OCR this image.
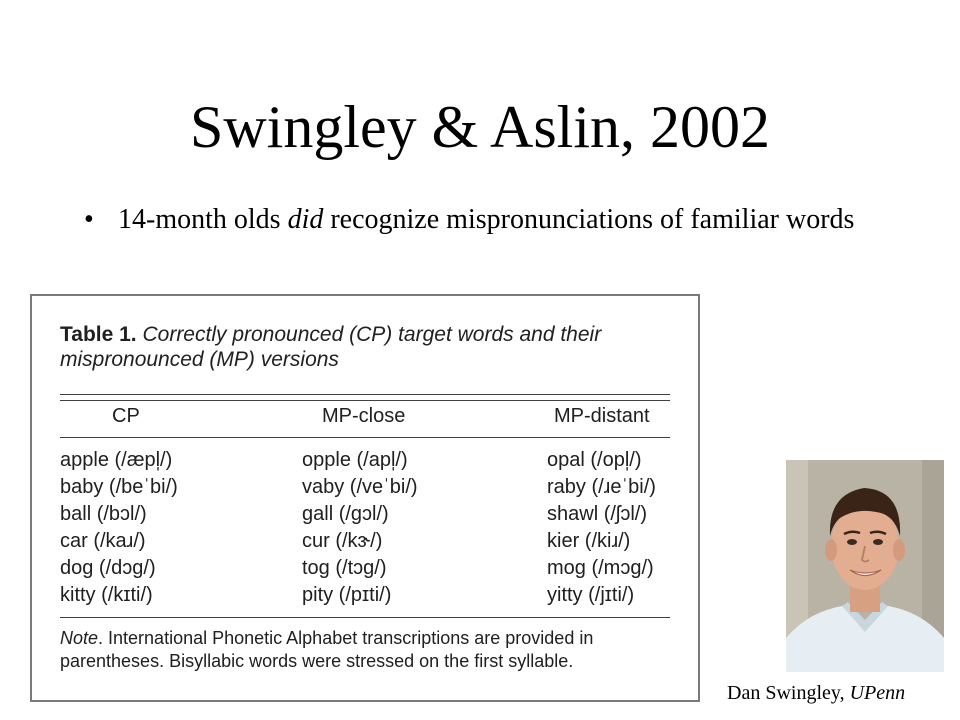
Swingley & Aslin, 2002
• 14-month olds did recognize mispronunciations of familiar words
Table 1. Correctly pronounced (CP) target words and their mispronounced (MP) versions
CP	MP-close	MP-distant
apple (/æpl̩/)
baby (/beˈbi/)
ball (/bɔl/)
car (/kaɹ/)
dog (/dɔg/)
kitty (/kɪti/)
opple (/apl̩/)
vaby (/veˈbi/)
gall (/gɔl/)
cur (/kɝ/)
tog (/tɔg/)
pity (/pɪti/)
opal (/opl̩/)
raby (/ɹeˈbi/)
shawl (/ʃɔl/)
kier (/kiɹ/)
mog (/mɔg/)
yitty (/jɪti/)
Note. International Phonetic Alphabet transcriptions are provided in parentheses. Bisyllabic words were stressed on the first syllable.
Dan Swingley, UPenn
